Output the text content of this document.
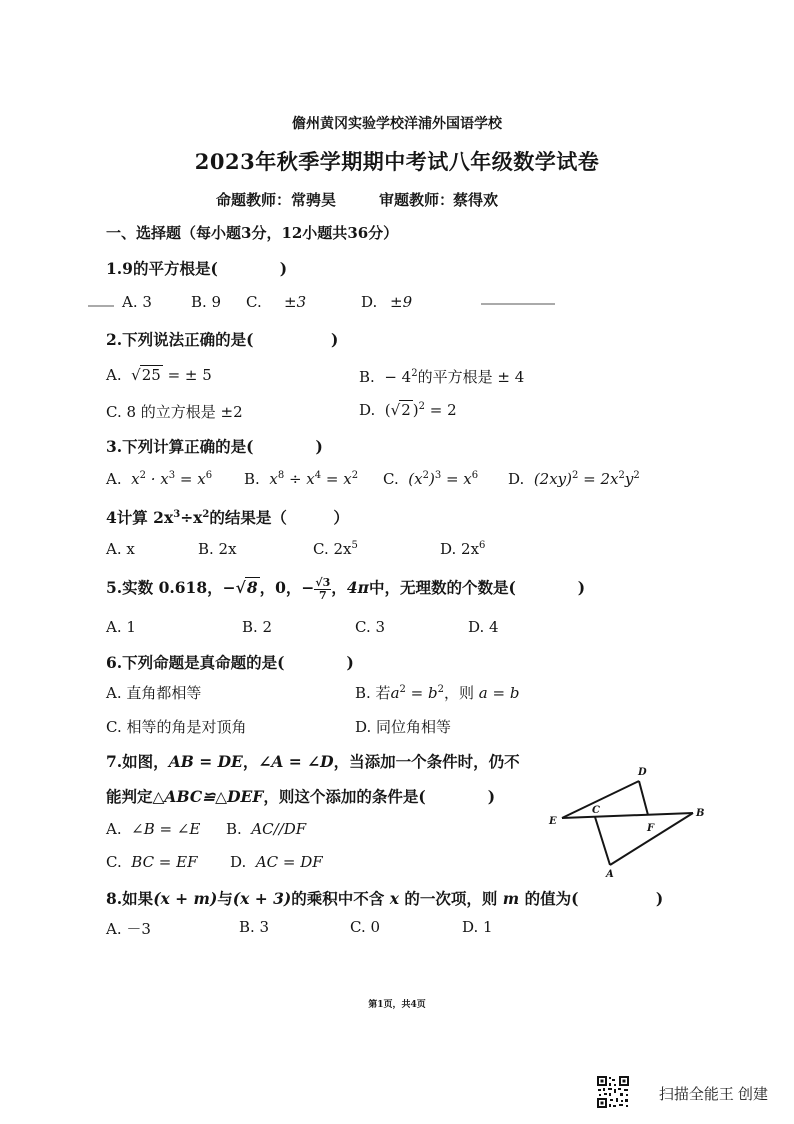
儋州黄冈实验学校洋浦外国语学校
2023年秋季学期期中考试八年级数学试卷
命题教师： 常骋昊	审题教师：
蔡得欢
一、选择题（每小题3分，12小题共36分）
1.9的平方根是(　　　　)
A. 3	B. 9 C. ±3	D. ±9
2.下列说法正确的是(　　　　　)
A.  √25 = ± 5	B.  − $4^2$的平方根是 ± 4
C. 8 的立方根是 ±2	D.  (√2 )$^2$ = 2
3.下列计算正确的是(　　　　)
A. $x^2 \cdot x^3 = x^6$ B. $x^8 \div x^4 = x^2$ C. $(x^2)^3 = x^6$ D. $(2xy)^2 = 2x^2y^2$
4计算 $2x^3\div x^2$的结果是（　　　）
A. x	B. 2x	C. $2x^5$	D. $2x^6$
5.实数 0.618，−√8 ，0，− $\frac{√3}{7}$ ，4π中，无理数的个数是(　　　　)
A. 1	B. 2	C. 3	D. 4
6.下列命题是真命题的是(　　　　)
A. 直角都相等	B. 若$a^2 = b^2$，则 a = b
C. 相等的角是对顶角	D. 同位角相等
7.如图，AB = DE，∠A = ∠D，当添加一个条件时，仍不
能判定△ABC≌△DEF，则这个添加的条件是(　　　　)
A. ∠B = ∠E B. AC//DF
C. BC = EF D. AC = DF
D
E
C
F
B
A
8.如果(x + m)与(x + 3)的乘积中不含 x 的一次项，则 m 的值为(　　　　　)
A. －3	B. 3	C. 0	D. 1
第1页，共4页
扫描全能王 创建
